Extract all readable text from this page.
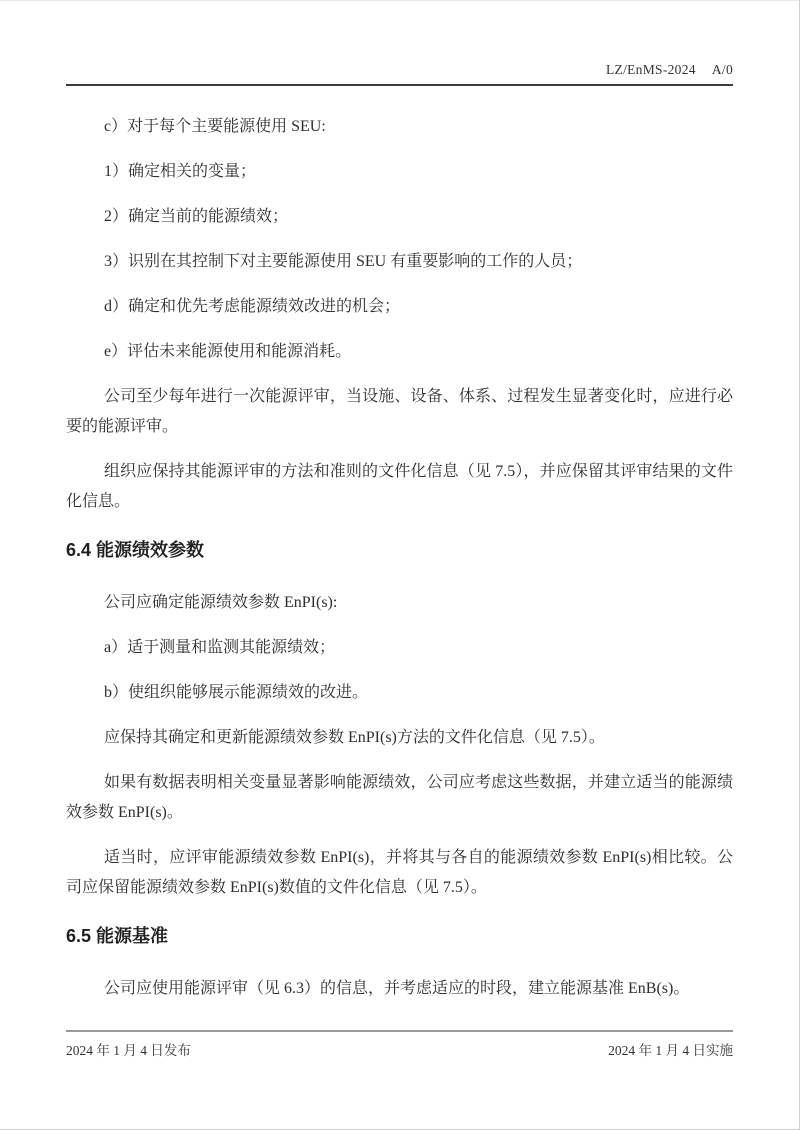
LZ/EnMS-2024 A/0

c）对于每个主要能源使用 SEU:

1）确定相关的变量；

2）确定当前的能源绩效；

3）识别在其控制下对主要能源使用 SEU 有重要影响的工作的人员；

d）确定和优先考虑能源绩效改进的机会；

e）评估未来能源使用和能源消耗。

公司至少每年进行一次能源评审，当设施、设备、体系、过程发生显著变化时，应进行必要的能源评审。

组织应保持其能源评审的方法和准则的文件化信息（见 7.5），并应保留其评审结果的文件化信息。

6.4 能源绩效参数

公司应确定能源绩效参数 EnPI(s):

a）适于测量和监测其能源绩效；

b）使组织能够展示能源绩效的改进。

应保持其确定和更新能源绩效参数 EnPI(s)方法的文件化信息（见 7.5）。

如果有数据表明相关变量显著影响能源绩效，公司应考虑这些数据，并建立适当的能源绩效参数 EnPI(s)。

适当时，应评审能源绩效参数 EnPI(s)，并将其与各自的能源绩效参数 EnPI(s)相比较。公司应保留能源绩效参数 EnPI(s)数值的文件化信息（见 7.5）。

6.5 能源基准

公司应使用能源评审（见 6.3）的信息，并考虑适应的时段，建立能源基准 EnB(s)。

2024 年 1 月 4 日发布	2024 年 1 月 4 日实施
